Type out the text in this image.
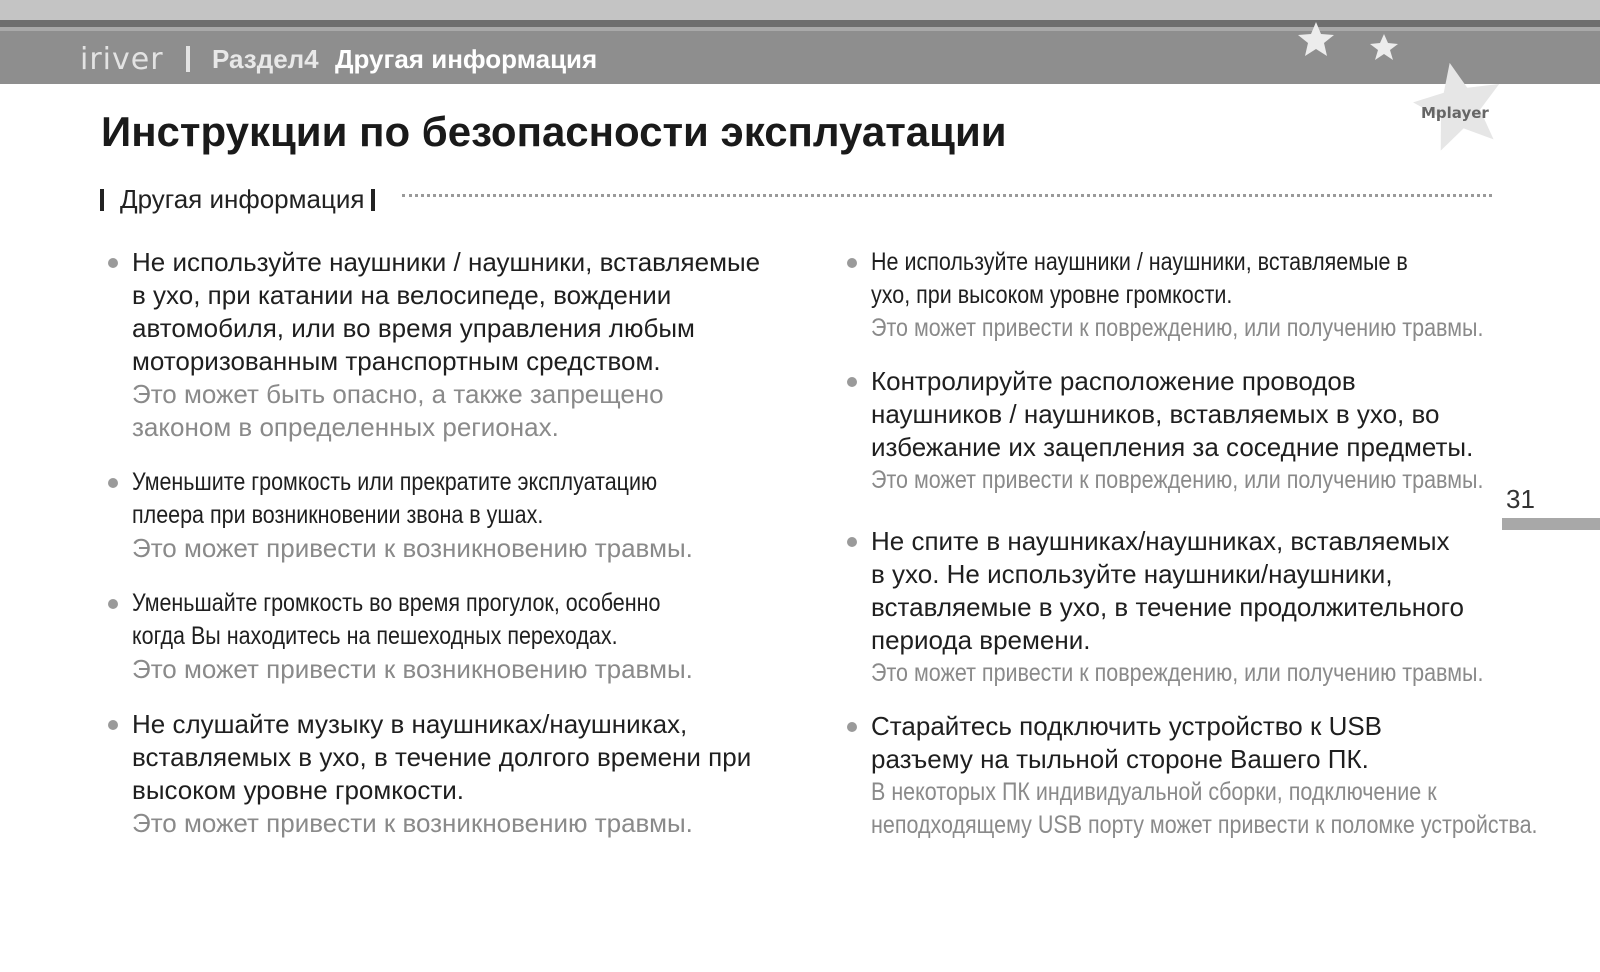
iriver Раздел4 Другая информация
Mplayer
Инструкции по безопасности эксплуатации
Другая информация
Не используйте наушники / наушники, вставляемые
в ухо, при катании на велосипеде, вождении
автомобиля, или во время управления любым
моторизованным транспортным средством.
Это может быть опасно, а также запрещено
законом в определенных регионах.
Уменьшите громкость или прекратите эксплуатацию
плеера при возникновении звона в ушах.
Это может привести к возникновению травмы.
Уменьшайте громкость во время прогулок, особенно
когда Вы находитесь на пешеходных переходах.
Это может привести к возникновению травмы.
Не слушайте музыку в наушниках/наушниках,
вставляемых в ухо, в течение долгого времени при
высоком уровне громкости.
Это может привести к возникновению травмы.
Не используйте наушники / наушники, вставляемые в
ухо, при высоком уровне громкости.
Это может привести к повреждению, или получению травмы.
Контролируйте расположение проводов
наушников / наушников, вставляемых в ухо, во
избежание их зацепления за соседние предметы.
Это может привести к повреждению, или получению травмы.
Не спите в наушниках/наушниках, вставляемых
в ухо. Не используйте наушники/наушники,
вставляемые в ухо, в течение продолжительного
периода времени.
Это может привести к повреждению, или получению травмы.
Старайтесь подключить устройство к USB
разъему на тыльной стороне Вашего ПК.
В некоторых ПК индивидуальной сборки, подключение к
неподходящему USB порту может привести к поломке устройства.
31
